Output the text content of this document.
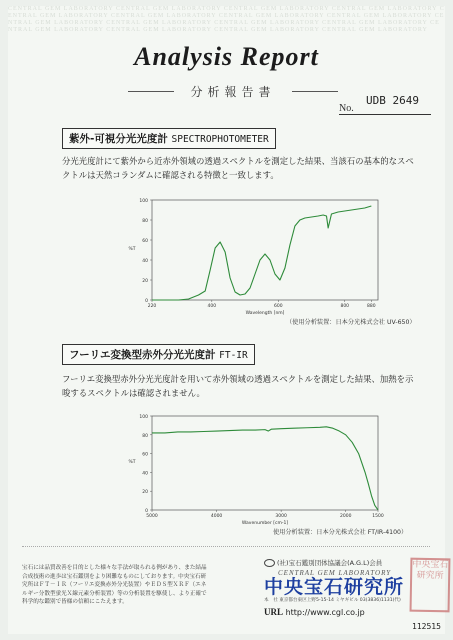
CENTRAL GEM LABORATORY CENTRAL GEM LABORATORY CENTRAL GEM LABORATORY CENTRAL GEM LABORATORY CENTRAL GEM LABORATORY CENTRAL GEM LABORATORY CENTRAL GEM LABORATORY CENTRAL GEM LABORATORY CENTRAL GEM LABORATORY CENTRAL GEM LABORATORY CENTRAL GEM LABORATORY CENTRAL GEM LABORATORY CENTRAL GEM LABORATORY CENTRAL GEM LABORATORY CENTRAL GEM LABORATORY CENTRAL GEM LABORATORY
Analysis Report
分析報告書
No.
UDB 2649
紫外-可視分光光度計 SPECTROPHOTOMETER
分光光度計にて紫外から近赤外領域の透過スペクトルを測定した結果、当該石の基本的なスペクトルは天然コランダムに確認される特徴と一致します。
0
20
40
60
80
100
220	400	600	800	880
Wavelength [nm]
%T
（使用分析装置：日本分光株式会社 UV-650）
フーリエ変換型赤外分光光度計 FT-IR
フーリエ変換型赤外分光光度計を用いて赤外領域の透過スペクトルを測定した結果、加熱を示唆するスペクトルは確認されません。
0
20
40
60
80
100
5000	4000	3000	2000	1500
Wavenumber [cm-1]
%T
使用分析装置：日本分光株式会社 FT/IR-4100）
宝石には品質改善を目的とした様々な手法が取られる例があり、また結晶合成技術の進歩は宝石鑑別をより困難なものにしております。中央宝石研究所はＦＴ－ＩＲ（フーリエ変換赤外分光装置）やＥＤＳ型ＸＲＦ（エネルギー分散型蛍光Ｘ線元素分析装置）等の分析装置を駆使し、より正確で科学的な鑑別で皆様の信頼にこたえます。
(社)宝石鑑別団体協議会(A.G.L)会員
CENTRAL GEM LABORATORY
中央宝石研究所
本　社 東京都台東区上野5-15-14 ミヤギビル 03(3836)1131(代)
URL http://www.cgl.co.jp
中央宝石研究所
112515
